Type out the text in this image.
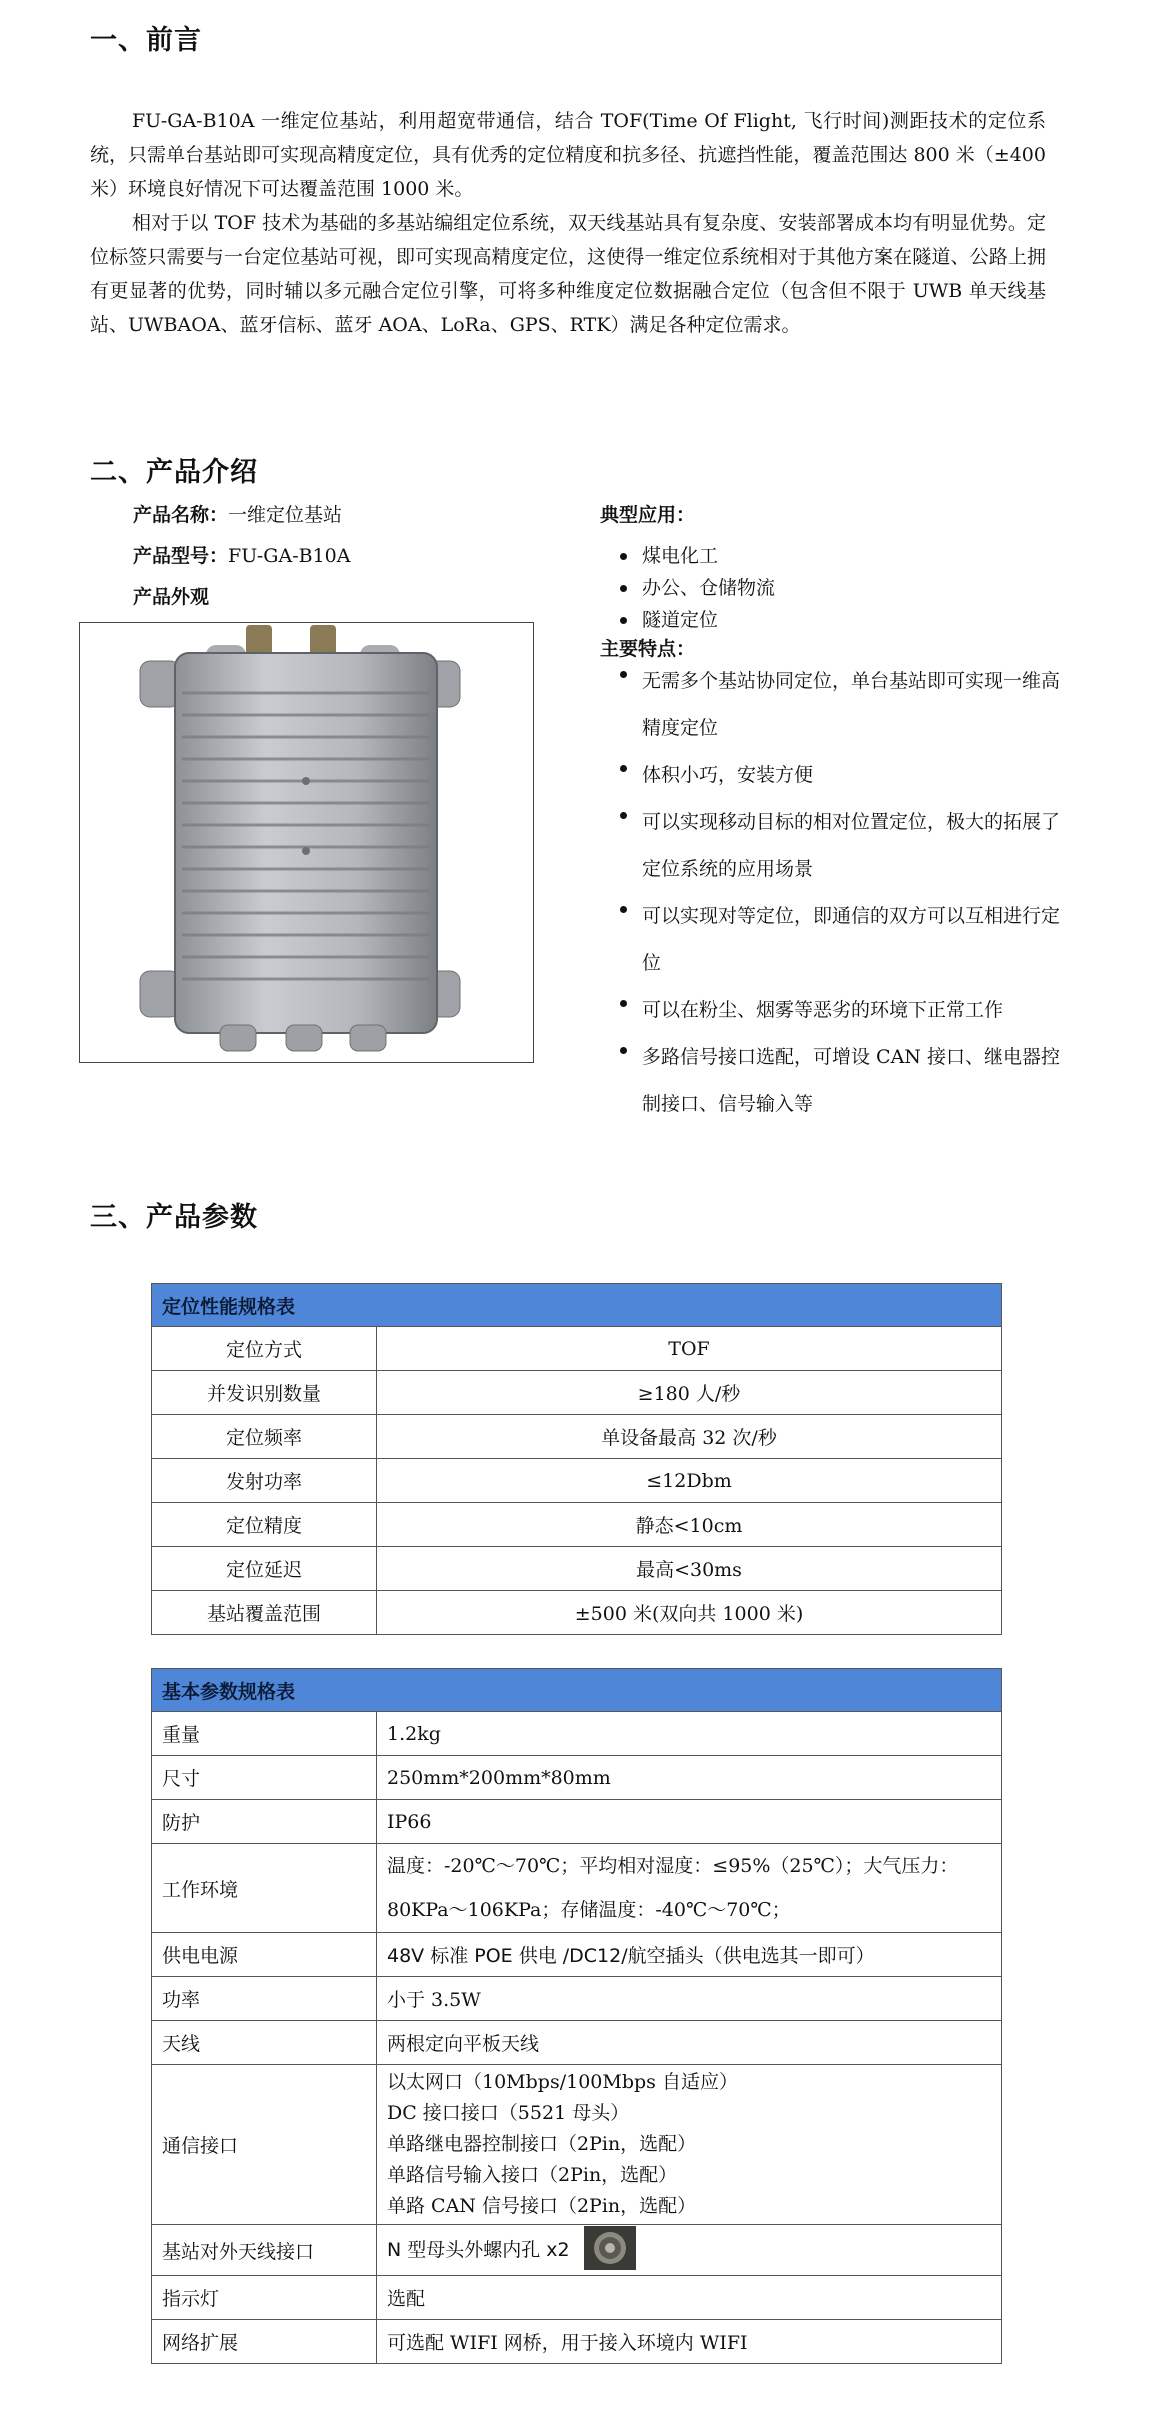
一、前言

FU-GA-B10A 一维定位基站，利用超宽带通信，结合 TOF(Time Of Flight, 飞行时间)测距技术的定位系统，只需单台基站即可实现高精度定位，具有优秀的定位精度和抗多径、抗遮挡性能，覆盖范围达 800 米（±400 米）环境良好情况下可达覆盖范围 1000 米。

相对于以 TOF 技术为基础的多基站编组定位系统，双天线基站具有复杂度、安装部署成本均有明显优势。定位标签只需要与一台定位基站可视，即可实现高精度定位，这使得一维定位系统相对于其他方案在隧道、公路上拥有更显著的优势，同时辅以多元融合定位引擎，可将多种维度定位数据融合定位（包含但不限于 UWB 单天线基站、UWBAOA、蓝牙信标、蓝牙 AOA、LoRa、GPS、RTK）满足各种定位需求。

二、产品介绍
产品名称：一维定位基站
产品型号：FU-GA-B10A
产品外观
典型应用：
煤电化工
办公、仓储物流
隧道定位
主要特点：
无需多个基站协同定位，单台基站即可实现一维高精度定位
体积小巧，安装方便
可以实现移动目标的相对位置定位，极大的拓展了定位系统的应用场景
可以实现对等定位，即通信的双方可以互相进行定位
可以在粉尘、烟雾等恶劣的环境下正常工作
多路信号接口选配，可增设 CAN 接口、继电器控制接口、信号输入等
三、产品参数
定位性能规格表	
定位方式	TOF
并发识别数量	≥180 人/秒
定位频率	单设备最高 32 次/秒
发射功率	≤12Dbm
定位精度	静态<10cm
定位延迟	最高<30ms
基站覆盖范围	±500 米(双向共 1000 米)
基本参数规格表	
重量	1.2kg
尺寸	250mm*200mm*80mm
防护	IP66
工作环境	温度：-20℃～70℃；平均相对湿度：≤95%（25℃）；大气压力：
80KPa～106KPa；存储温度：-40℃～70℃；

供电电源	48V 标准 POE 供电 /DC12/航空插头（供电选其一即可）
功率	小于 3.5W
天线	两根定向平板天线
通信接口	以太网口（10Mbps/100Mbps 自适应）
DC 接口接口（5521 母头）
单路继电器控制接口（2Pin，选配）
单路信号输入接口（2Pin，选配）
单路 CAN 信号接口（2Pin，选配）

基站对外天线接口	N 型母头外螺内孔 x2
指示灯	选配
网络扩展	可选配 WIFI 网桥，用于接入环境内 WIFI
